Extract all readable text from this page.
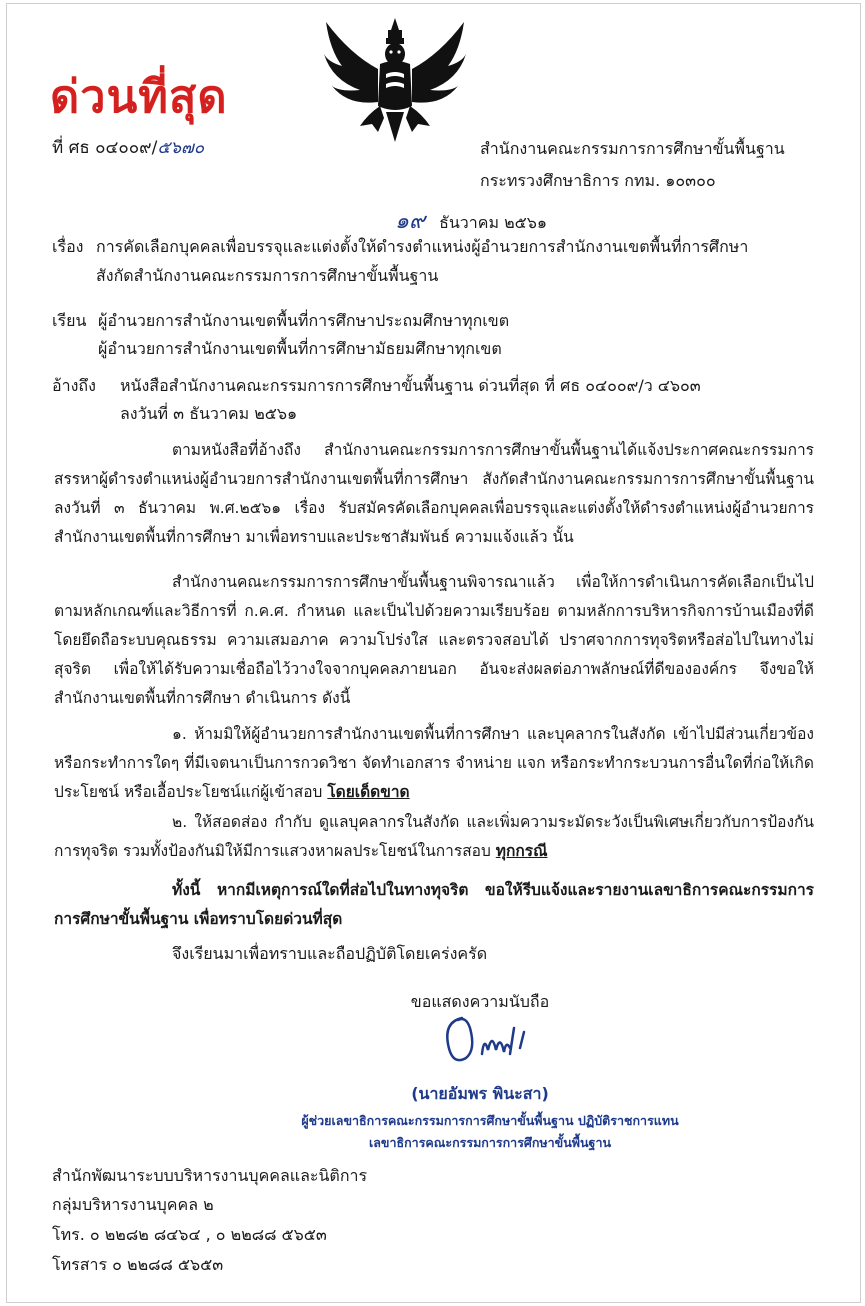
ด่วนที่สุด
ที่ ศธ ๐๔๐๐๙/๕๖๗๐	สำนักงานคณะกรรมการการศึกษาขั้นพื้นฐาน
กระทรวงศึกษาธิการ กทม. ๑๐๓๐๐
๑๙ ธันวาคม ๒๕๖๑
เรื่อง การคัดเลือกบุคคลเพื่อบรรจุและแต่งตั้งให้ดำรงตำแหน่งผู้อำนวยการสำนักงานเขตพื้นที่การศึกษา
สังกัดสำนักงานคณะกรรมการการศึกษาขั้นพื้นฐาน
เรียน ผู้อำนวยการสำนักงานเขตพื้นที่การศึกษาประถมศึกษาทุกเขต
ผู้อำนวยการสำนักงานเขตพื้นที่การศึกษามัธยมศึกษาทุกเขต
อ้างถึง หนังสือสำนักงานคณะกรรมการการศึกษาขั้นพื้นฐาน ด่วนที่สุด ที่ ศธ ๐๔๐๐๙/ว ๔๖๐๓
ลงวันที่ ๓ ธันวาคม ๒๕๖๑
ตามหนังสือที่อ้างถึง สำนักงานคณะกรรมการการศึกษาขั้นพื้นฐานได้แจ้งประกาศคณะกรรมการสรรหาผู้ดำรงตำแหน่งผู้อำนวยการสำนักงานเขตพื้นที่การศึกษา สังกัดสำนักงานคณะกรรมการการศึกษาขั้นพื้นฐาน ลงวันที่ ๓ ธันวาคม พ.ศ.๒๕๖๑ เรื่อง รับสมัครคัดเลือกบุคคลเพื่อบรรจุและแต่งตั้งให้ดำรงตำแหน่งผู้อำนวยการสำนักงานเขตพื้นที่การศึกษา มาเพื่อทราบและประชาสัมพันธ์ ความแจ้งแล้ว นั้น
สำนักงานคณะกรรมการการศึกษาขั้นพื้นฐานพิจารณาแล้ว เพื่อให้การดำเนินการคัดเลือกเป็นไปตามหลักเกณฑ์และวิธีการที่ ก.ค.ศ. กำหนด และเป็นไปด้วยความเรียบร้อย ตามหลักการบริหารกิจการบ้านเมืองที่ดี โดยยึดถือระบบคุณธรรม ความเสมอภาค ความโปร่งใส และตรวจสอบได้ ปราศจากการทุจริตหรือส่อไปในทางไม่สุจริต เพื่อให้ได้รับความเชื่อถือไว้วางใจจากบุคคลภายนอก อันจะส่งผลต่อภาพลักษณ์ที่ดีขององค์กร จึงขอให้สำนักงานเขตพื้นที่การศึกษา ดำเนินการ ดังนี้
๑. ห้ามมิให้ผู้อำนวยการสำนักงานเขตพื้นที่การศึกษา และบุคลากรในสังกัด เข้าไปมีส่วนเกี่ยวข้องหรือกระทำการใดๆ ที่มีเจตนาเป็นการกวดวิชา จัดทำเอกสาร จำหน่าย แจก หรือกระทำกระบวนการอื่นใดที่ก่อให้เกิดประโยชน์ หรือเอื้อประโยชน์แก่ผู้เข้าสอบ โดยเด็ดขาด
๒. ให้สอดส่อง กำกับ ดูแลบุคลากรในสังกัด และเพิ่มความระมัดระวังเป็นพิเศษเกี่ยวกับการป้องกันการทุจริต รวมทั้งป้องกันมิให้มีการแสวงหาผลประโยชน์ในการสอบ ทุกกรณี
ทั้งนี้ หากมีเหตุการณ์ใดที่ส่อไปในทางทุจริต ขอให้รีบแจ้งและรายงานเลขาธิการคณะกรรมการการศึกษาขั้นพื้นฐาน เพื่อทราบโดยด่วนที่สุด
จึงเรียนมาเพื่อทราบและถือปฏิบัติโดยเคร่งครัด
ขอแสดงความนับถือ
(นายอัมพร พินะสา)
ผู้ช่วยเลขาธิการคณะกรรมการการศึกษาขั้นพื้นฐาน ปฏิบัติราชการแทน
เลขาธิการคณะกรรมการการศึกษาขั้นพื้นฐาน
สำนักพัฒนาระบบบริหารงานบุคคลและนิติการ
กลุ่มบริหารงานบุคคล ๒
โทร. ๐ ๒๒๘๒ ๘๔๖๔ , ๐ ๒๒๘๘ ๕๖๕๓
โทรสาร ๐ ๒๒๘๘ ๕๖๕๓
